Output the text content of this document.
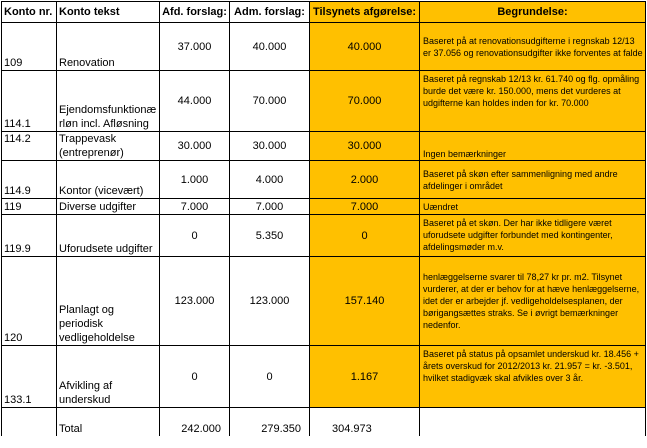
Konto nr.	Konto tekst	Afd. forslag:	Adm. forslag:	Tilsynets afgørelse:	Begrundelse:
109	Renovation	37.000	40.000	40.000	Baseret på at renovationsudgifterne i regnskab 12/13 er 37.056 og renovationsudgifter ikke forventes at falde
114.1	Ejendomsfunktionærløn incl. Afløsning	44.000	70.000	70.000	Baseret på regnskab 12/13 kr. 61.740 og flg. opmåling burde det være kr. 150.000, mens det vurderes at udgifterne kan holdes inden for kr. 70.000
114.2	Trappevask (entreprenør)	30.000	30.000	30.000	Ingen bemærkninger
114.9	Kontor (vicevært)	1.000	4.000	2.000	Baseret på skøn efter sammenligning med andre afdelinger i området
119	Diverse udgifter	7.000	7.000	7.000	Uændret
119.9	Uforudsete udgifter	0	5.350	0	Baseret på et skøn. Der har ikke tidligere været uforudsete udgifter forbundet med kontingenter, afdelingsmøder m.v.
120	Planlagt og periodisk vedligeholdelse	123.000	123.000	157.140	henlæggelserne svarer til 78,27 kr pr. m2. Tilsynet vurderer, at der er behov for at hæve henlæggelserne, idet der er arbejder jf. vedligeholdelsesplanen, der børigangsættes straks. Se i øvrigt bemærkninger nedenfor.
133.1	Afvikling af underskud	0	0	1.167	Baseret på status på opsamlet underskud kr. 18.456 + årets overskud for 2012/2013 kr. 21.957 = kr. -3.501, hvilket stadigvæk skal afvikles over 3 år.
	Total	242.000	279.350	304.973	
